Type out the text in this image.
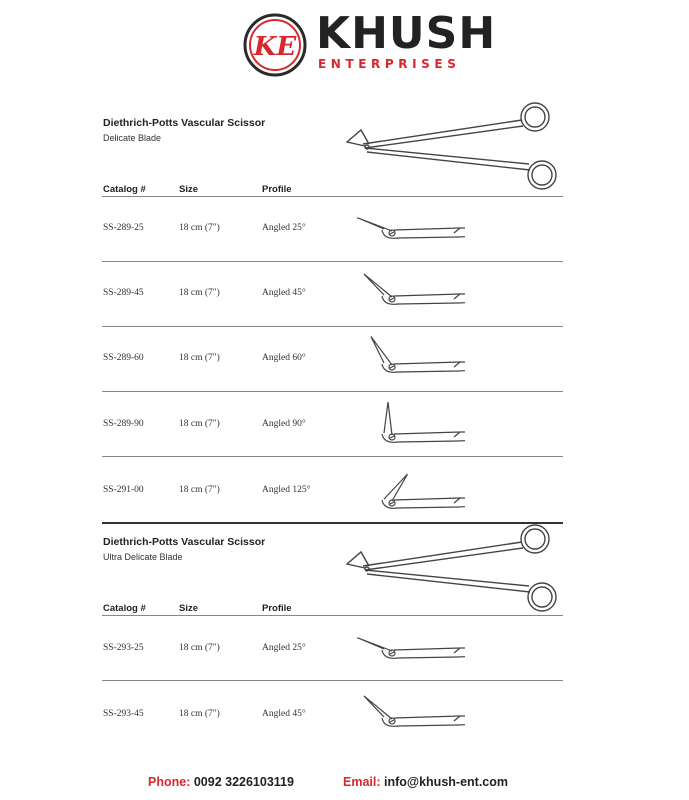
KE KHUSH
ENTERPRISES
Diethrich-Potts Vascular Scissor
Delicate Blade
Catalog #	Size	Profile
SS-289-25	18 cm (7")	Angled 25°
SS-289-45	18 cm (7")	Angled 45°
SS-289-60	18 cm (7")	Angled 60°
SS-289-90	18 cm (7")	Angled 90°
SS-291-00	18 cm (7")	Angled 125°
Diethrich-Potts Vascular Scissor
Ultra Delicate Blade
Catalog #	Size	Profile
SS-293-25	18 cm (7")	Angled 25°
SS-293-45	18 cm (7")	Angled 45°
Phone: 0092 3226103119	Email: info@khush-ent.com
